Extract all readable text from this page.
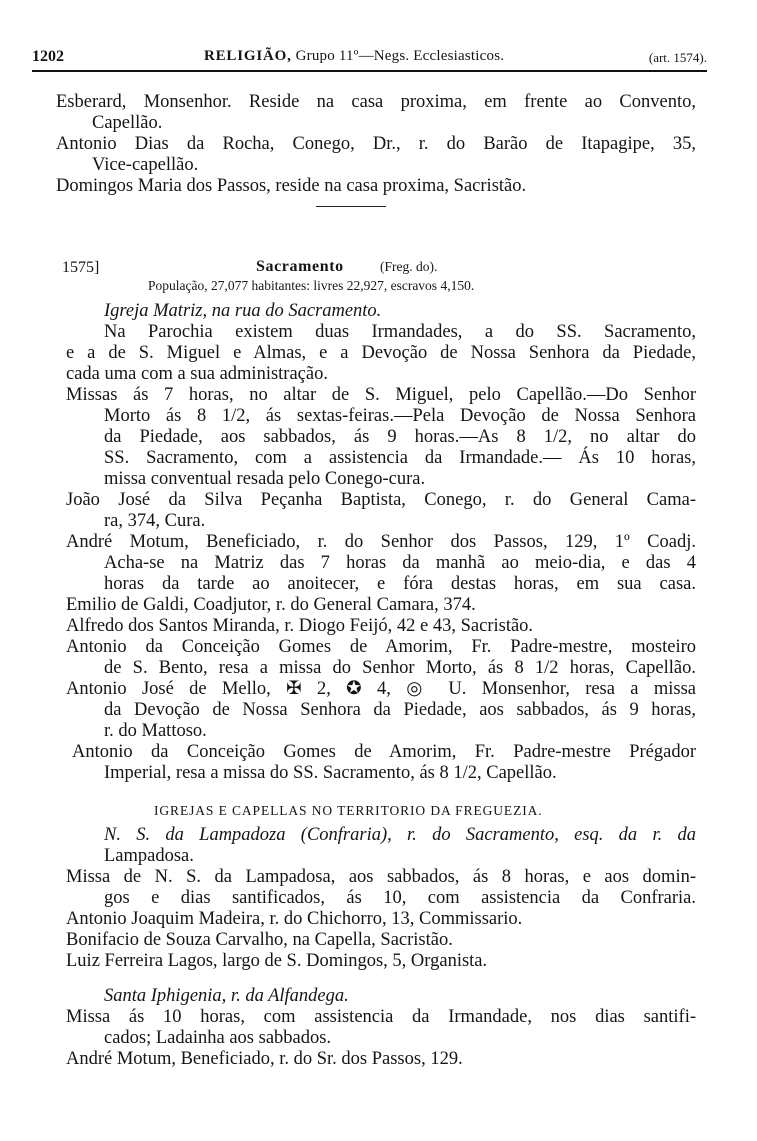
1202	RELIGIÃO, Grupo 11º—Negs. Ecclesiasticos.	(art. 1574).
Esberard, Monsenhor. Reside na casa proxima, em frente ao Convento,
Capellão.
Antonio Dias da Rocha, Conego, Dr., r. do Barão de Itapagipe, 35,
Vice-capellão.
Domingos Maria dos Passos, reside na casa proxima, Sacristão.
1575]	Sacramento	(Freg. do).
População, 27,077 habitantes: livres 22,927, escravos 4,150.
Igreja Matriz, na rua do Sacramento.
Na Parochia existem duas Irmandades, a do SS. Sacramento,
e a de S. Miguel e Almas, e a Devoção de Nossa Senhora da Piedade,
cada uma com a sua administração.
Missas ás 7 horas, no altar de S. Miguel, pelo Capellão.—Do Senhor
Morto ás 8 1/2, ás sextas-feiras.—Pela Devoção de Nossa Senhora
da Piedade, aos sabbados, ás 9 horas.—As 8 1/2, no altar do
SS. Sacramento, com a assistencia da Irmandade.— Ás 10 horas,
missa conventual resada pelo Conego-cura.
João José da Silva Peçanha Baptista, Conego, r. do General Cama-
ra, 374, Cura.
André Motum, Beneficiado, r. do Senhor dos Passos, 129, 1º Coadj.
Acha-se na Matriz das 7 horas da manhã ao meio-dia, e das 4
horas da tarde ao anoitecer, e fóra destas horas, em sua casa.
Emilio de Galdi, Coadjutor, r. do General Camara, 374.
Alfredo dos Santos Miranda, r. Diogo Feijó, 42 e 43, Sacristão.
Antonio da Conceição Gomes de Amorim, Fr. Padre-mestre, mosteiro
de S. Bento, resa a missa do Senhor Morto, ás 8 1/2 horas, Capellão.
Antonio José de Mello, ✠ 2, ✪ 4, ◎ U. Monsenhor, resa a missa
da Devoção de Nossa Senhora da Piedade, aos sabbados, ás 9 horas,
r. do Mattoso.
Antonio da Conceição Gomes de Amorim, Fr. Padre-mestre Prégador
Imperial, resa a missa do SS. Sacramento, ás 8 1/2, Capellão.
IGREJAS E CAPELLAS NO TERRITORIO DA FREGUEZIA.
N. S. da Lampadoza (Confraria), r. do Sacramento, esq. da r. da
Lampadosa.
Missa de N. S. da Lampadosa, aos sabbados, ás 8 horas, e aos domin-
gos e dias santificados, ás 10, com assistencia da Confraria.
Antonio Joaquim Madeira, r. do Chichorro, 13, Commissario.
Bonifacio de Souza Carvalho, na Capella, Sacristão.
Luiz Ferreira Lagos, largo de S. Domingos, 5, Organista.
Santa Iphigenia, r. da Alfandega.
Missa ás 10 horas, com assistencia da Irmandade, nos dias santifi-
cados; Ladainha aos sabbados.
André Motum, Beneficiado, r. do Sr. dos Passos, 129.
